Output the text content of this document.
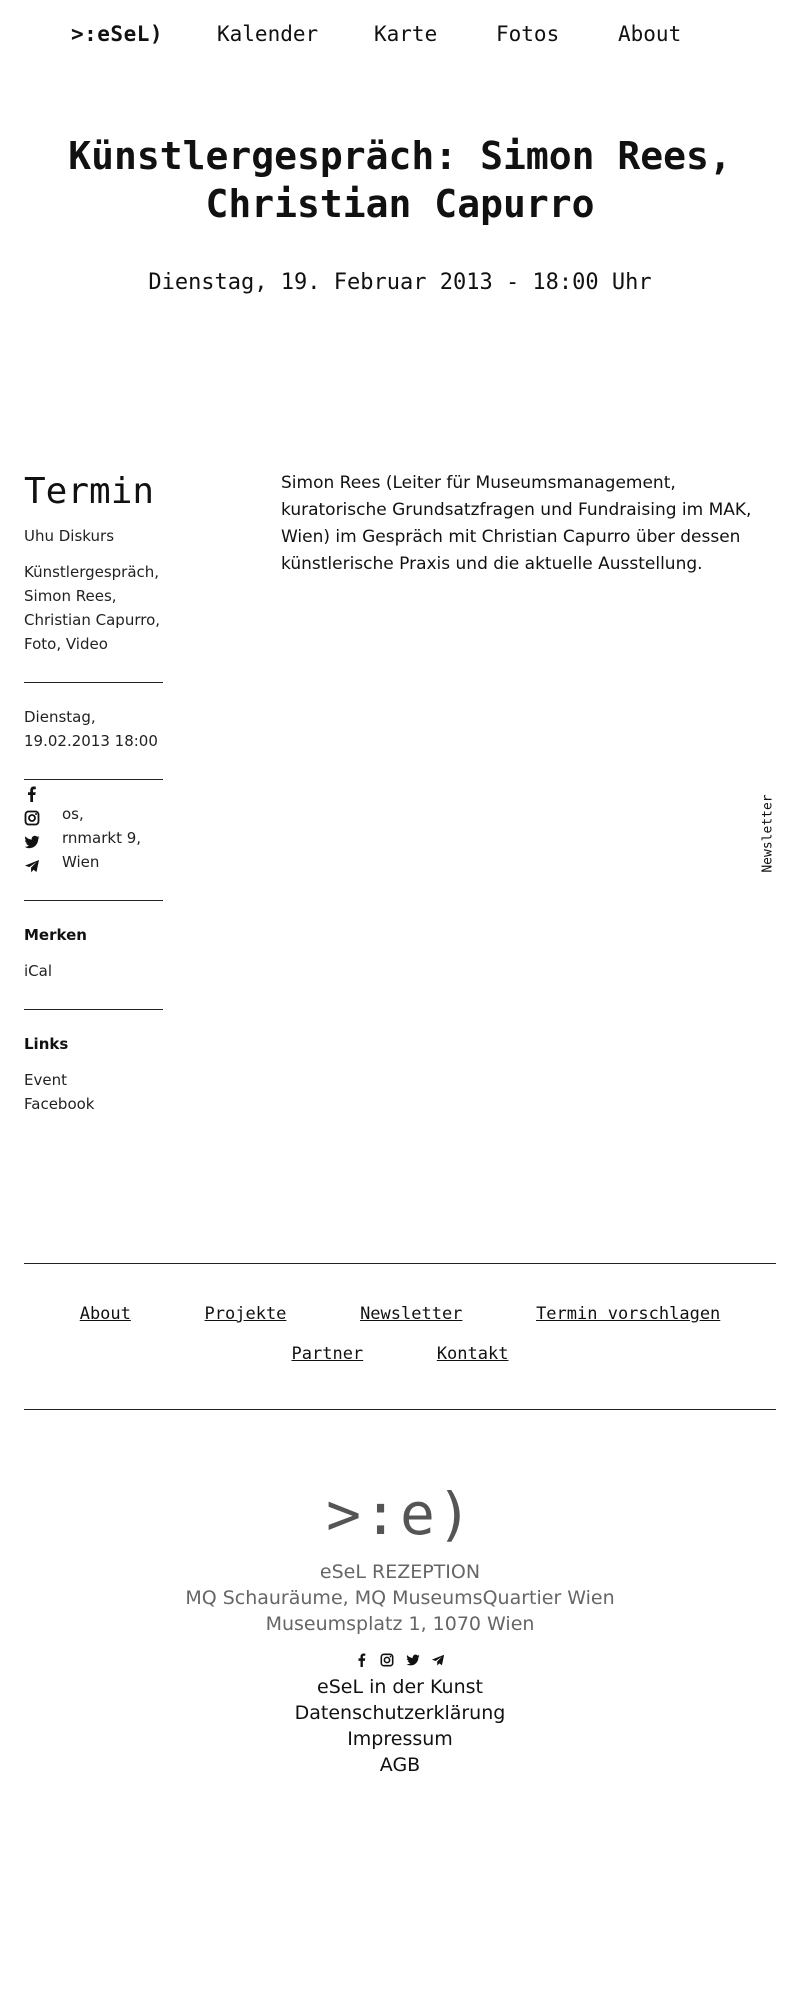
>:eSeL)	Kalender	Karte	Fotos	About
Künstlergespräch: Simon Rees,
Christian Capurro
Dienstag, 19. Februar 2013 - 18:00 Uhr
Termin
Uhu Diskurs
Künstlergespräch,
Simon Rees,
Christian Capurro,
Foto, Video
Dienstag,
19.02.2013 18:00
os,
rnmarkt 9,
Wien
Merken
iCal
Links
Event
Facebook

Simon Rees (Leiter für Museumsmanagement, kuratorische Grundsatzfragen und Fundraising im MAK, Wien) im Gespräch mit Christian Capurro über dessen künstlerische Praxis und die aktuelle Ausstellung.

Newsletter
About	Projekte	Newsletter	Termin vorschlagen
Partner	Kontakt
>:e)
eSeL REZEPTION
MQ Schauräume, MQ MuseumsQuartier Wien
Museumsplatz 1, 1070 Wien

eSeL in der Kunst
Datenschutzerklärung
Impressum
AGB
